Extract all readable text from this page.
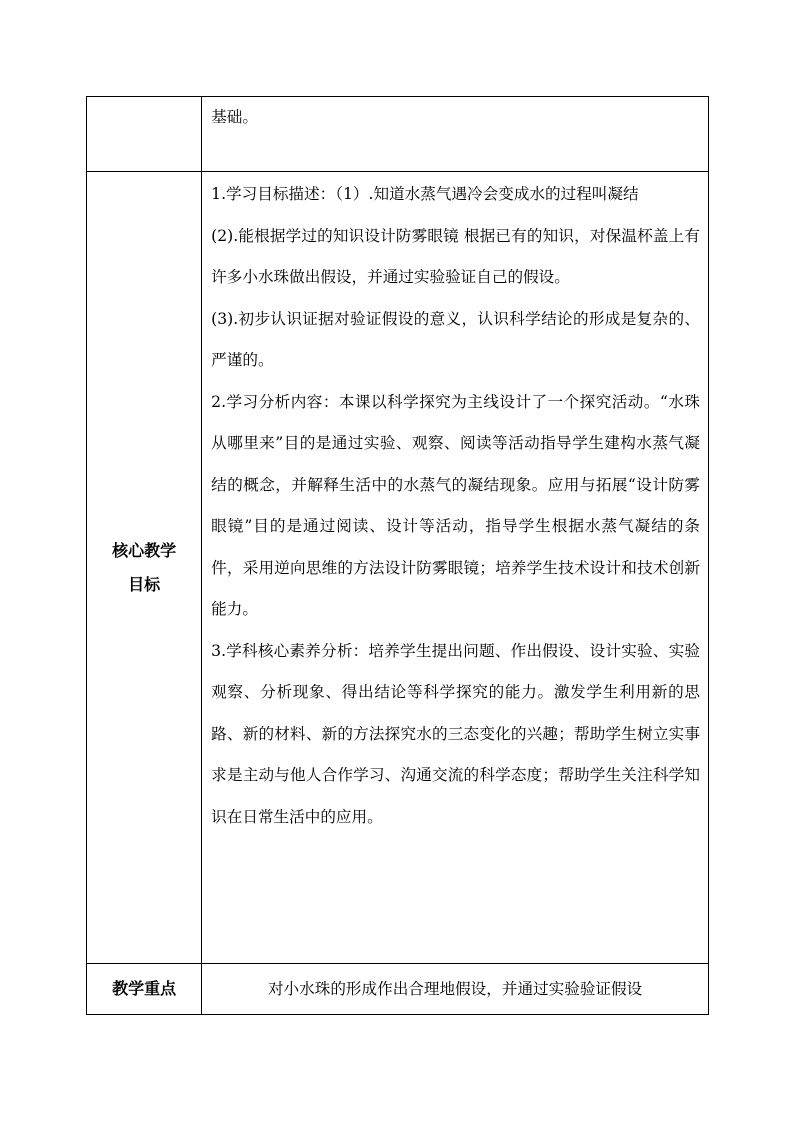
	基础。

核心教学
目标	1.学习目标描述：（1）.知道水蒸气遇冷会变成水的过程叫凝结
(2).能根据学过的知识设计防雾眼镜 根据已有的知识，对保温杯盖上有许多小水珠做出假设，并通过实验验证自己的假设。
(3).初步认识证据对验证假设的意义，认识科学结论的形成是复杂的、严谨的。
2.学习分析内容：本课以科学探究为主线设计了一个探究活动。“水珠从哪里来”目的是通过实验、观察、阅读等活动指导学生建构水蒸气凝结的概念，并解释生活中的水蒸气的凝结现象。应用与拓展“设计防雾眼镜”目的是通过阅读、设计等活动，指导学生根据水蒸气凝结的条件，采用逆向思维的方法设计防雾眼镜；培养学生技术设计和技术创新能力。
3.学科核心素养分析：培养学生提出问题、作出假设、设计实验、实验观察、分析现象、得出结论等科学探究的能力。激发学生利用新的思路、新的材料、新的方法探究水的三态变化的兴趣；帮助学生树立实事求是主动与他人合作学习、沟通交流的科学态度；帮助学生关注科学知识在日常生活中的应用。

教学重点	对小水珠的形成作出合理地假设，并通过实验验证假设
